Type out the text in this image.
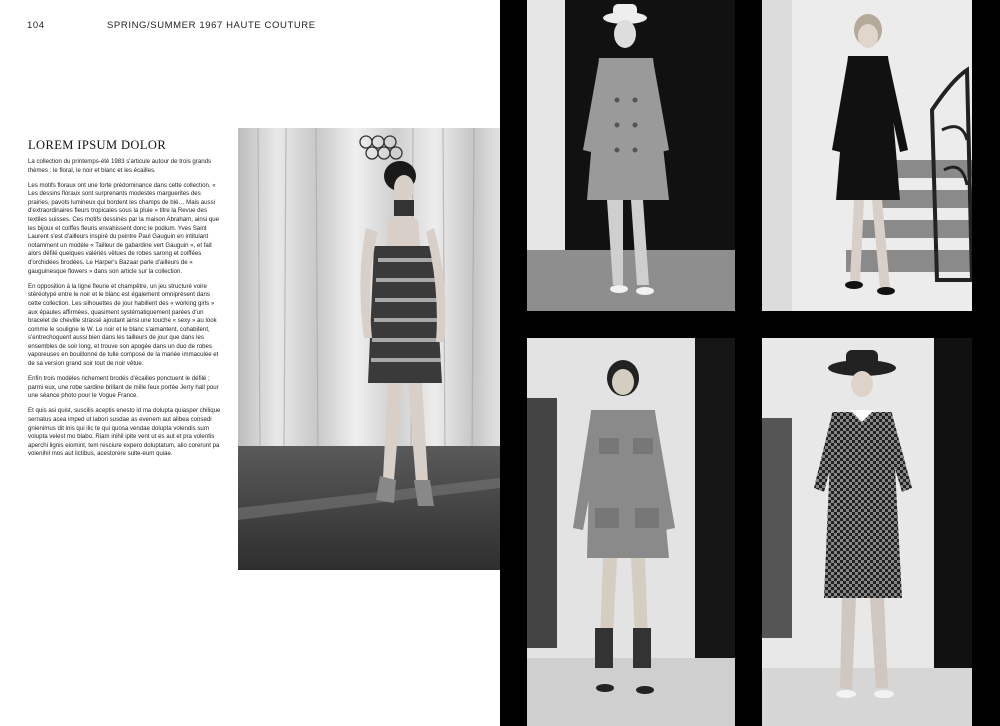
104	SPRING/SUMMER 1967 HAUTE COUTURE
LOREM IPSUM DOLOR

La collection du printemps-été 1983 s'articule autour de trois grands thèmes : le floral, le noir et blanc et les écailles.

Les motifs floraux ont une forte prédominance dans cette collection. « Les dessins floraux sont surprenants modestes marguerites des prairies, pavots lumineux qui bordent les champs de blé… Mais aussi d'extraordinaires fleurs tropicales sous la pluie » titre la Revue des textiles suisses. Ces motifs dessinés par la maison Abraham, ainsi que les bijoux et coiffes fleuris envahissent donc le podium. Yves Saint Laurent s'est d'ailleurs inspiré du peintre Paul Gauguin en intitulant notamment un modèle « Tailleur de gabardine vert Gauguin », et fait alors défilé quelques valériés vêtues de robes sarong et coiffées d'orchidées brodées. Le Harper's Bazaar parle d'ailleurs de « gauguinesque flowers » dans son article sur la collection.

En opposition à la ligne fleurie et champêtre, un jeu structuré voire stéréotypé entre le noir et le blanc est également omniprésent dans cette collection. Les silhouettes de jour habillent des « working girls » aux épaules affirmées, quasiment systématiquement parées d'un bracelet de cheville strassé ajoutant ainsi une touche « sexy » au look comme le souligne le W. Le noir et le blanc s'aimantent, cohabitent, s'entrechoquent aussi bien dans les tailleurs de jour que dans les ensembles de soir long, et trouve son apogée dans un duo de robes vaporeuses en bouillonné de tulle composé de la mariée immaculée et de sa version grand soir tout de noir vêtue.

Enfin trois modèles richement brodés d'écailles ponctuent le défilé ; parmi eux, une robe sardine brillant de mille feux portée Jerry hall pour une séance photo pour le Vogue France.

Et quis asi quist, suscilis aceptis enesto id ma dolupta quiasper chilique sernatus acea imped ut labori susdae as evenem aut alibea consedi gnienimus dit inis qui ilic te qui quosa vendae dolupta volendis sum volupta velest mo blabo. Riam inihil ipite vent ut es aut et pra volentis aperchi lignis eiomint, tem resciure expero doluptatum, alio corerunt pa volenihil mos aut lictibus, acestorere sulte-eum quiae.
